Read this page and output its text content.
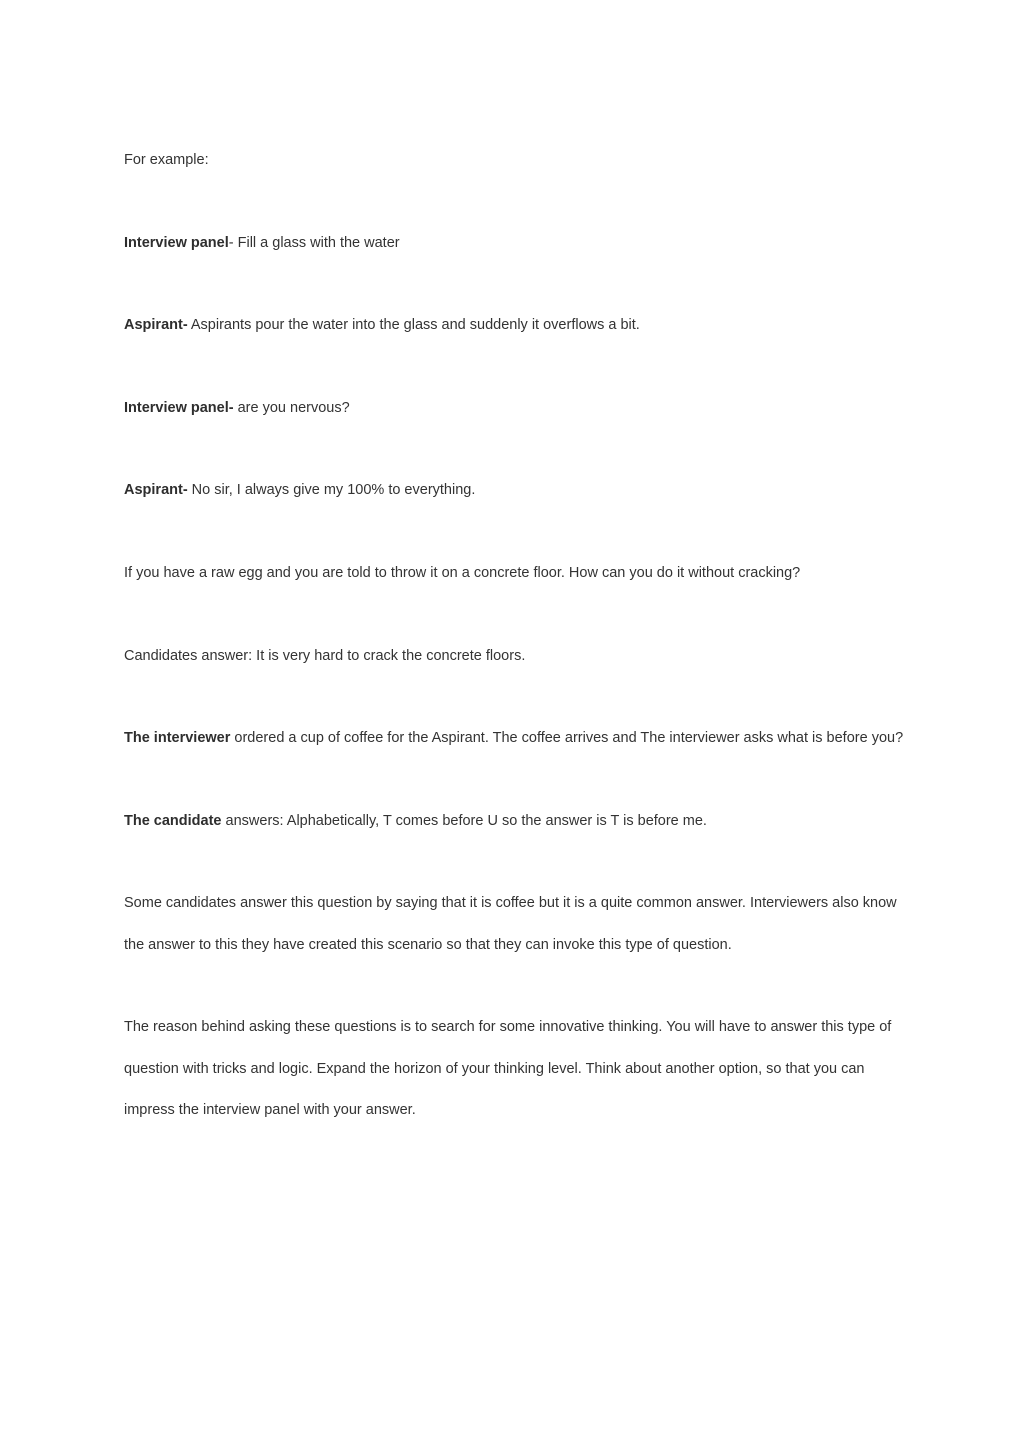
For example:

Interview panel- Fill a glass with the water

Aspirant- Aspirants pour the water into the glass and suddenly it overflows a bit.

Interview panel- are you nervous?

Aspirant- No sir, I always give my 100% to everything.

If you have a raw egg and you are told to throw it on a concrete floor. How can you do it without cracking?

Candidates answer: It is very hard to crack the concrete floors.

The interviewer ordered a cup of coffee for the Aspirant. The coffee arrives and The interviewer asks what is before you?

The candidate answers: Alphabetically, T comes before U so the answer is T is before me.

Some candidates answer this question by saying that it is coffee but it is a quite common answer. Interviewers also know the answer to this they have created this scenario so that they can invoke this type of question.

The reason behind asking these questions is to search for some innovative thinking. You will have to answer this type of question with tricks and logic. Expand the horizon of your thinking level. Think about another option, so that you can impress the interview panel with your answer.
